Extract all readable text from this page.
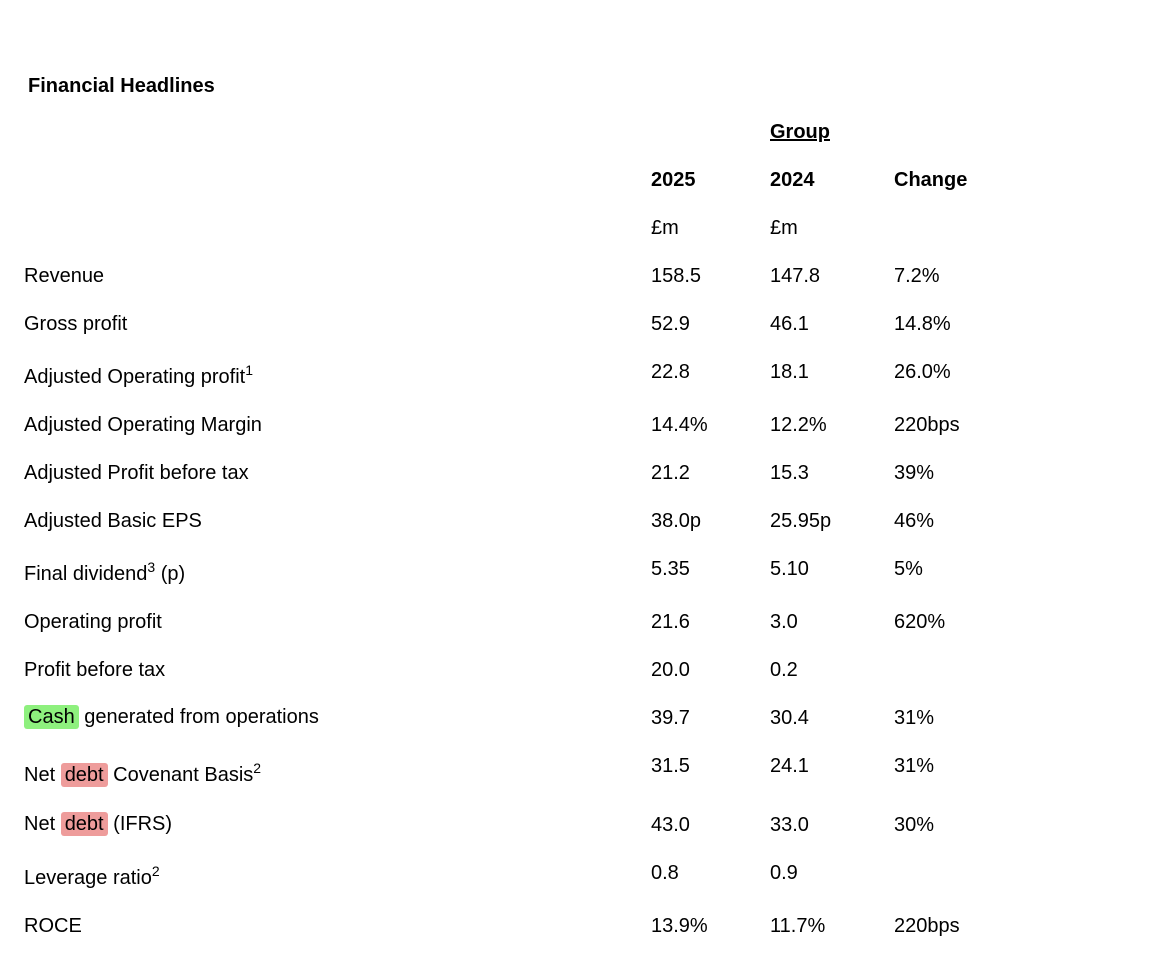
Financial Headlines
Group
2025	2024	Change
£m	£m
Revenue	158.5	147.8	7.2%
Gross profit	52.9	46.1	14.8%
Adjusted Operating profit$^1$	22.8	18.1	26.0%
Adjusted Operating Margin	14.4%	12.2%	220bps
Adjusted Profit before tax	21.2	15.3	39%
Adjusted Basic EPS	38.0p	25.95p	46%
Final dividend$^3$ (p)	5.35	5.10	5%
Operating profit	21.6	3.0	620%
Profit before tax	20.0	0.2
Cash generated from operations	39.7	30.4	31%
Net debt Covenant Basis$^2$	31.5	24.1	31%
Net debt (IFRS)	43.0	33.0	30%
Leverage ratio$^2$	0.8	0.9
ROCE	13.9%	11.7%	220bps
